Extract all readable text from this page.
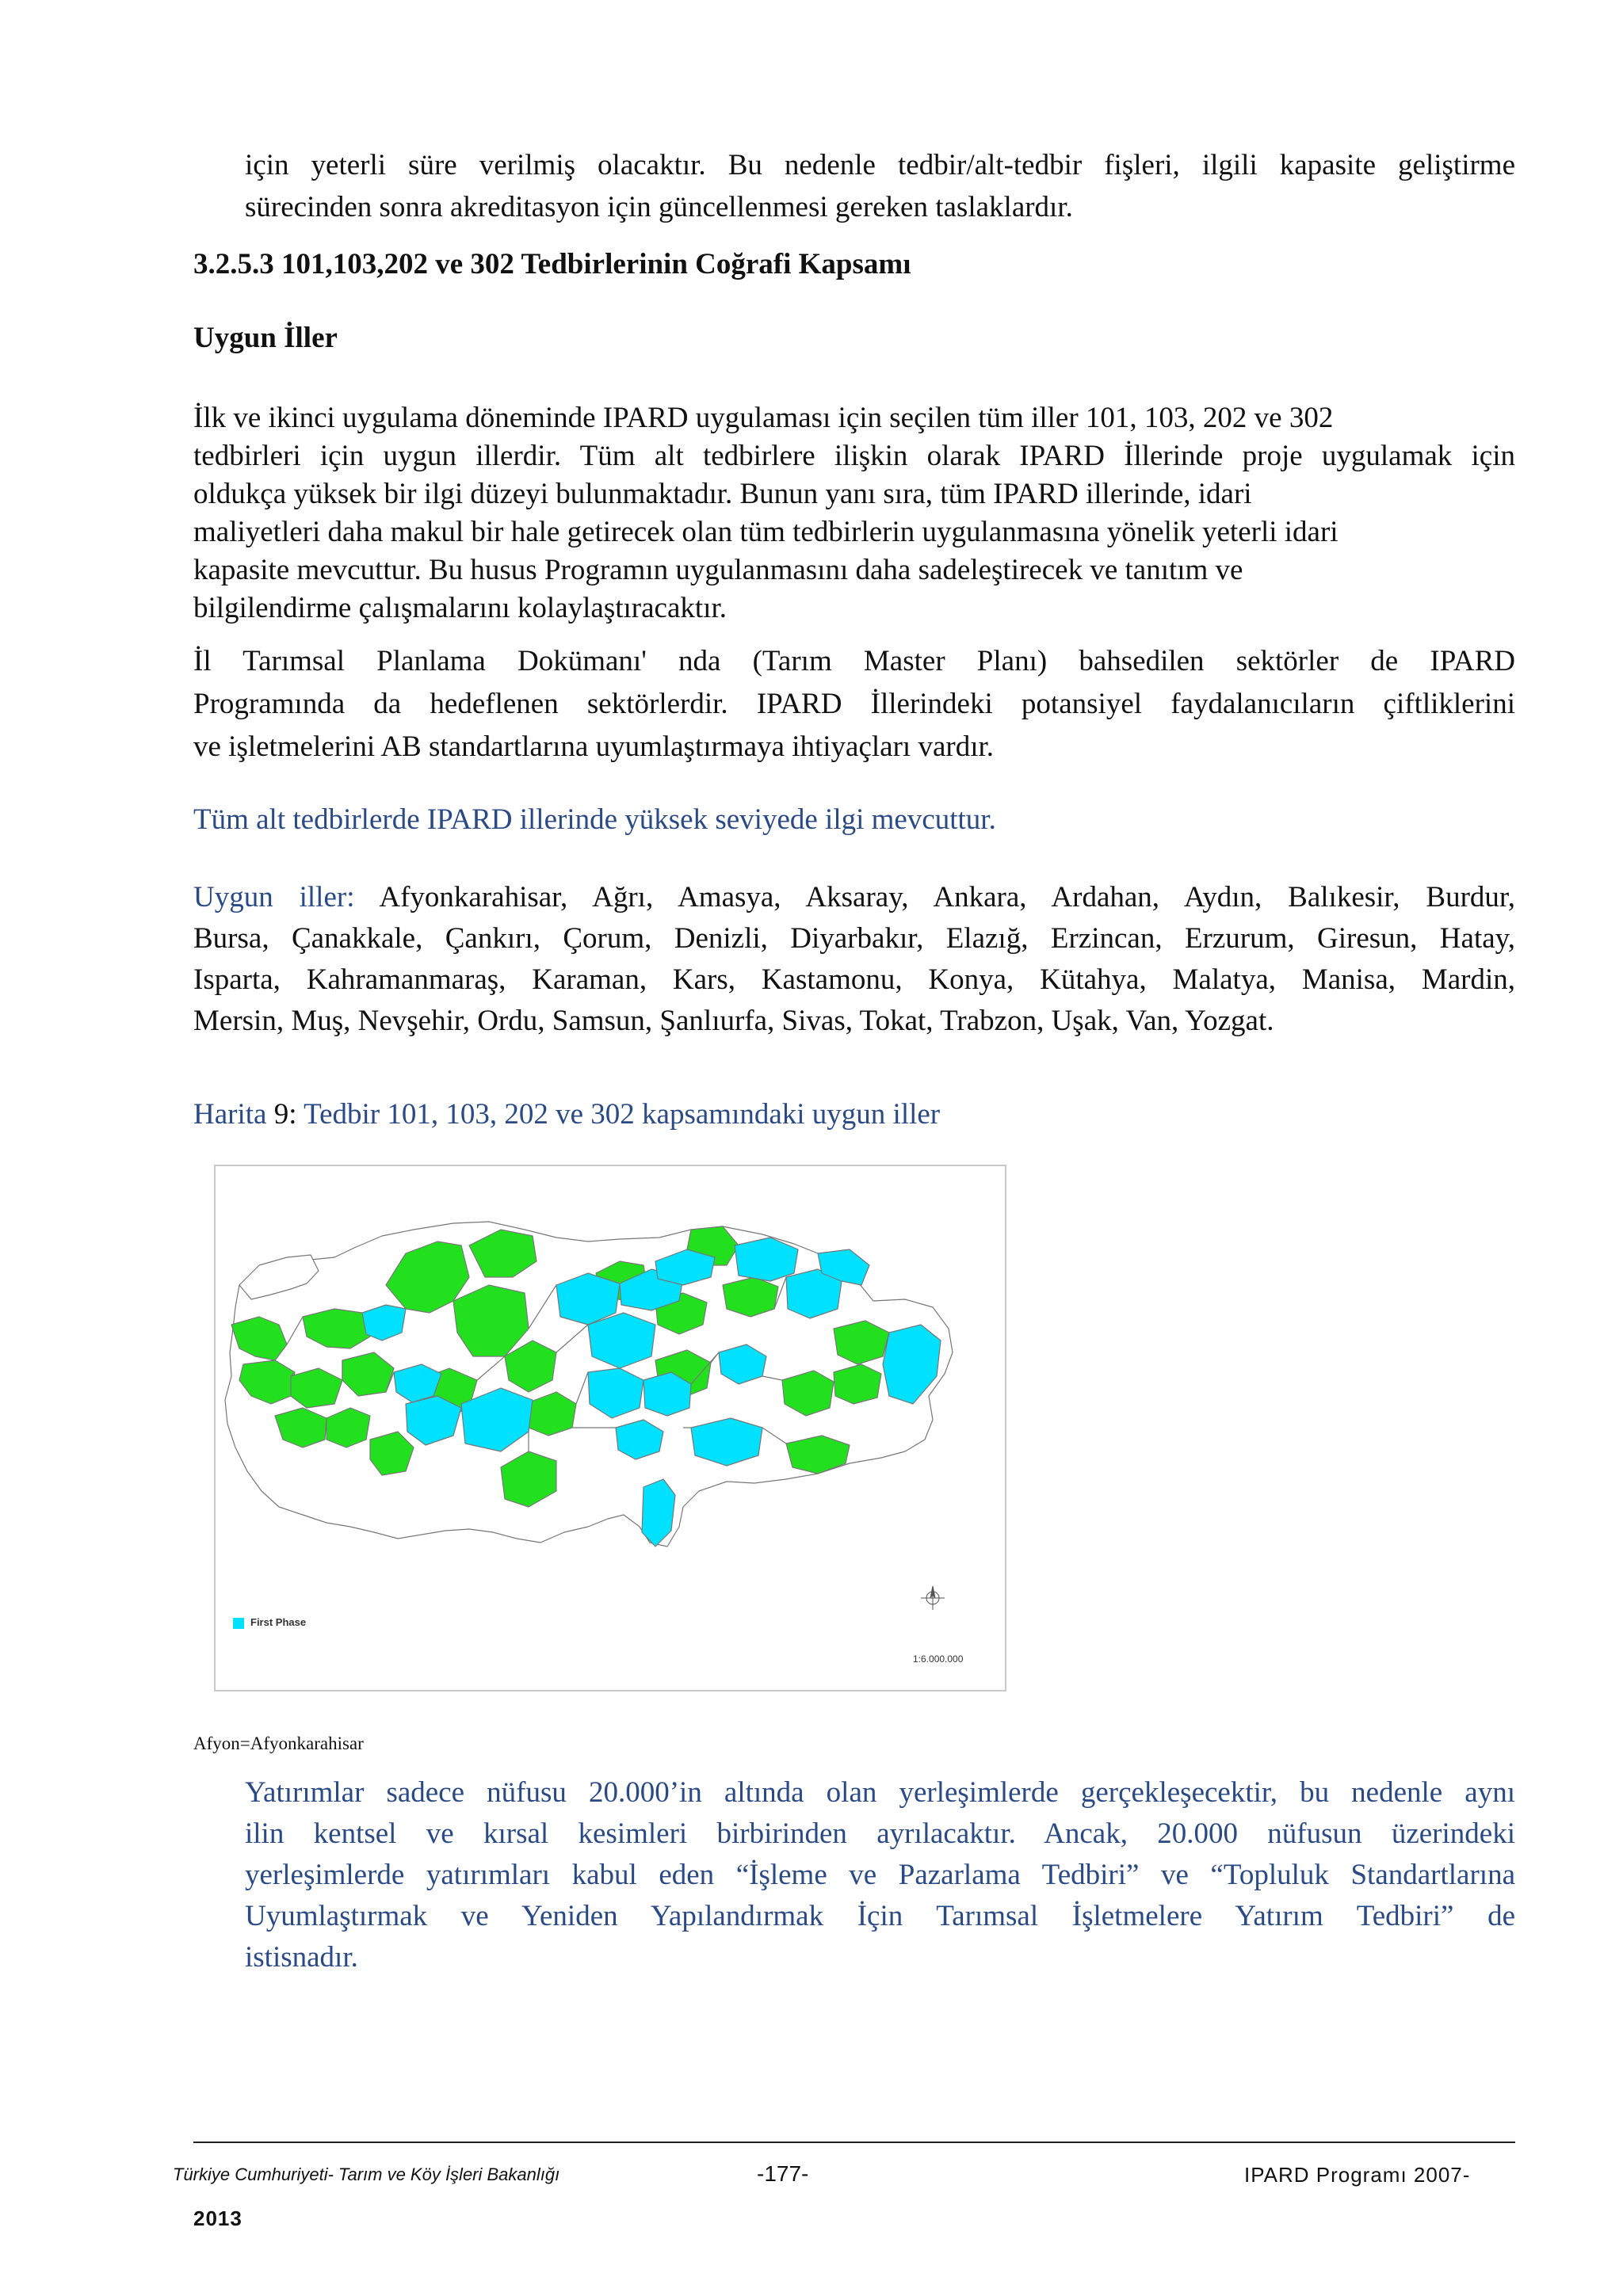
için yeterli süre verilmiş olacaktır. Bu nedenle tedbir/alt-tedbir fişleri, ilgili kapasite geliştirme

sürecinden sonra akreditasyon için güncellenmesi gereken taslaklardır.

3.2.5.3 101,103,202 ve 302 Tedbirlerinin Coğrafi Kapsamı
Uygun İller

İlk ve ikinci uygulama döneminde IPARD uygulaması için seçilen tüm iller 101, 103, 202 ve 302

tedbirleri için uygun illerdir. Tüm alt tedbirlere ilişkin olarak IPARD İllerinde proje uygulamak için

oldukça yüksek bir ilgi düzeyi bulunmaktadır. Bunun yanı sıra, tüm IPARD illerinde, idari

maliyetleri daha makul bir hale getirecek olan tüm tedbirlerin uygulanmasına yönelik yeterli idari

kapasite mevcuttur. Bu husus Programın uygulanmasını daha sadeleştirecek ve tanıtım ve

bilgilendirme çalışmalarını kolaylaştıracaktır.

İl Tarımsal Planlama Dokümanı' nda (Tarım Master Planı) bahsedilen sektörler de IPARD

Programında da hedeflenen sektörlerdir. IPARD İllerindeki potansiyel faydalanıcıların çiftliklerini

ve işletmelerini AB standartlarına uyumlaştırmaya ihtiyaçları vardır.

Tüm alt tedbirlerde IPARD illerinde yüksek seviyede ilgi mevcuttur.

Uygun iller: Afyonkarahisar, Ağrı, Amasya, Aksaray, Ankara, Ardahan, Aydın, Balıkesir, Burdur,

Bursa, Çanakkale, Çankırı, Çorum, Denizli, Diyarbakır, Elazığ, Erzincan, Erzurum, Giresun, Hatay,

Isparta, Kahramanmaraş, Karaman, Kars, Kastamonu, Konya, Kütahya, Malatya, Manisa, Mardin,

Mersin, Muş, Nevşehir, Ordu, Samsun, Şanlıurfa, Sivas, Tokat, Trabzon, Uşak, Van, Yozgat.

Harita 9: Tedbir 101, 103, 202 ve 302 kapsamındaki uygun iller

First Phase
1:6.000.000

Afyon=Afyonkarahisar

Yatırımlar sadece nüfusu 20.000’in altında olan yerleşimlerde gerçekleşecektir, bu nedenle aynı

ilin kentsel ve kırsal kesimleri birbirinden ayrılacaktır. Ancak, 20.000 nüfusun üzerindeki

yerleşimlerde yatırımları kabul eden “İşleme ve Pazarlama Tedbiri” ve “Topluluk Standartlarına

Uyumlaştırmak ve Yeniden Yapılandırmak İçin Tarımsal İşletmelere Yatırım Tedbiri” de

istisnadır.

Türkiye Cumhuriyeti- Tarım ve Köy İşleri Bakanlığı	-177-	IPARD Programı 2007-
2013
